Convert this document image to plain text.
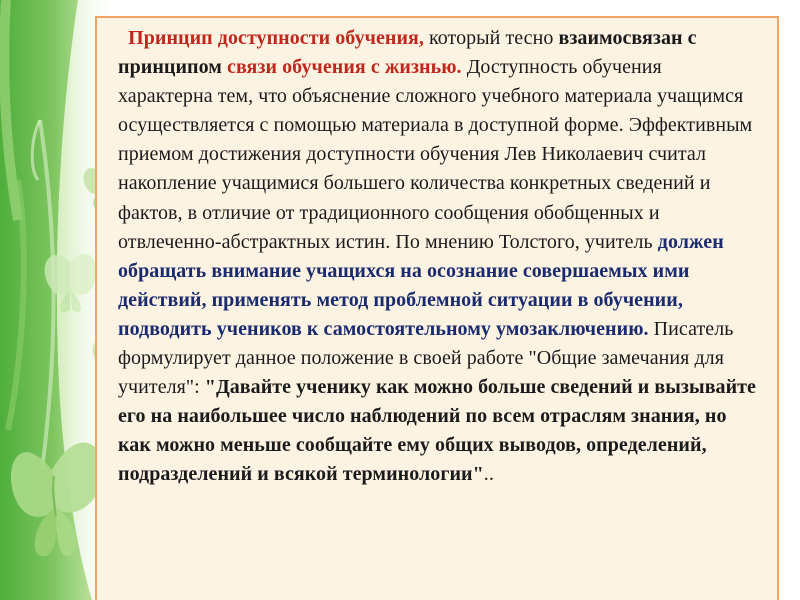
Принцип доступности обучения, который тесно взаимосвязан с принципом связи обучения с жизнью. Доступность обучения характерна тем, что объяснение сложного учебного материала учащимся осуществляется с помощью материала в доступной форме. Эффективным приемом достижения доступности обучения Лев Николаевич считал накопление учащимися большего количества конкретных сведений и фактов, в отличие от традиционного сообщения обобщенных и отвлеченно-абстрактных истин. По мнению Толстого, учитель должен обращать внимание учащихся на осознание совершаемых ими действий, применять метод проблемной ситуации в обучении, подводить учеников к самостоятельному умозаключению. Писатель формулирует данное положение в своей работе "Общие замечания для учителя": "Давайте ученику как можно больше сведений и вызывайте его на наибольшее число наблюдений по всем отраслям знания, но как можно меньше сообщайте ему общих выводов, определений, подразделений и всякой терминологии"..
